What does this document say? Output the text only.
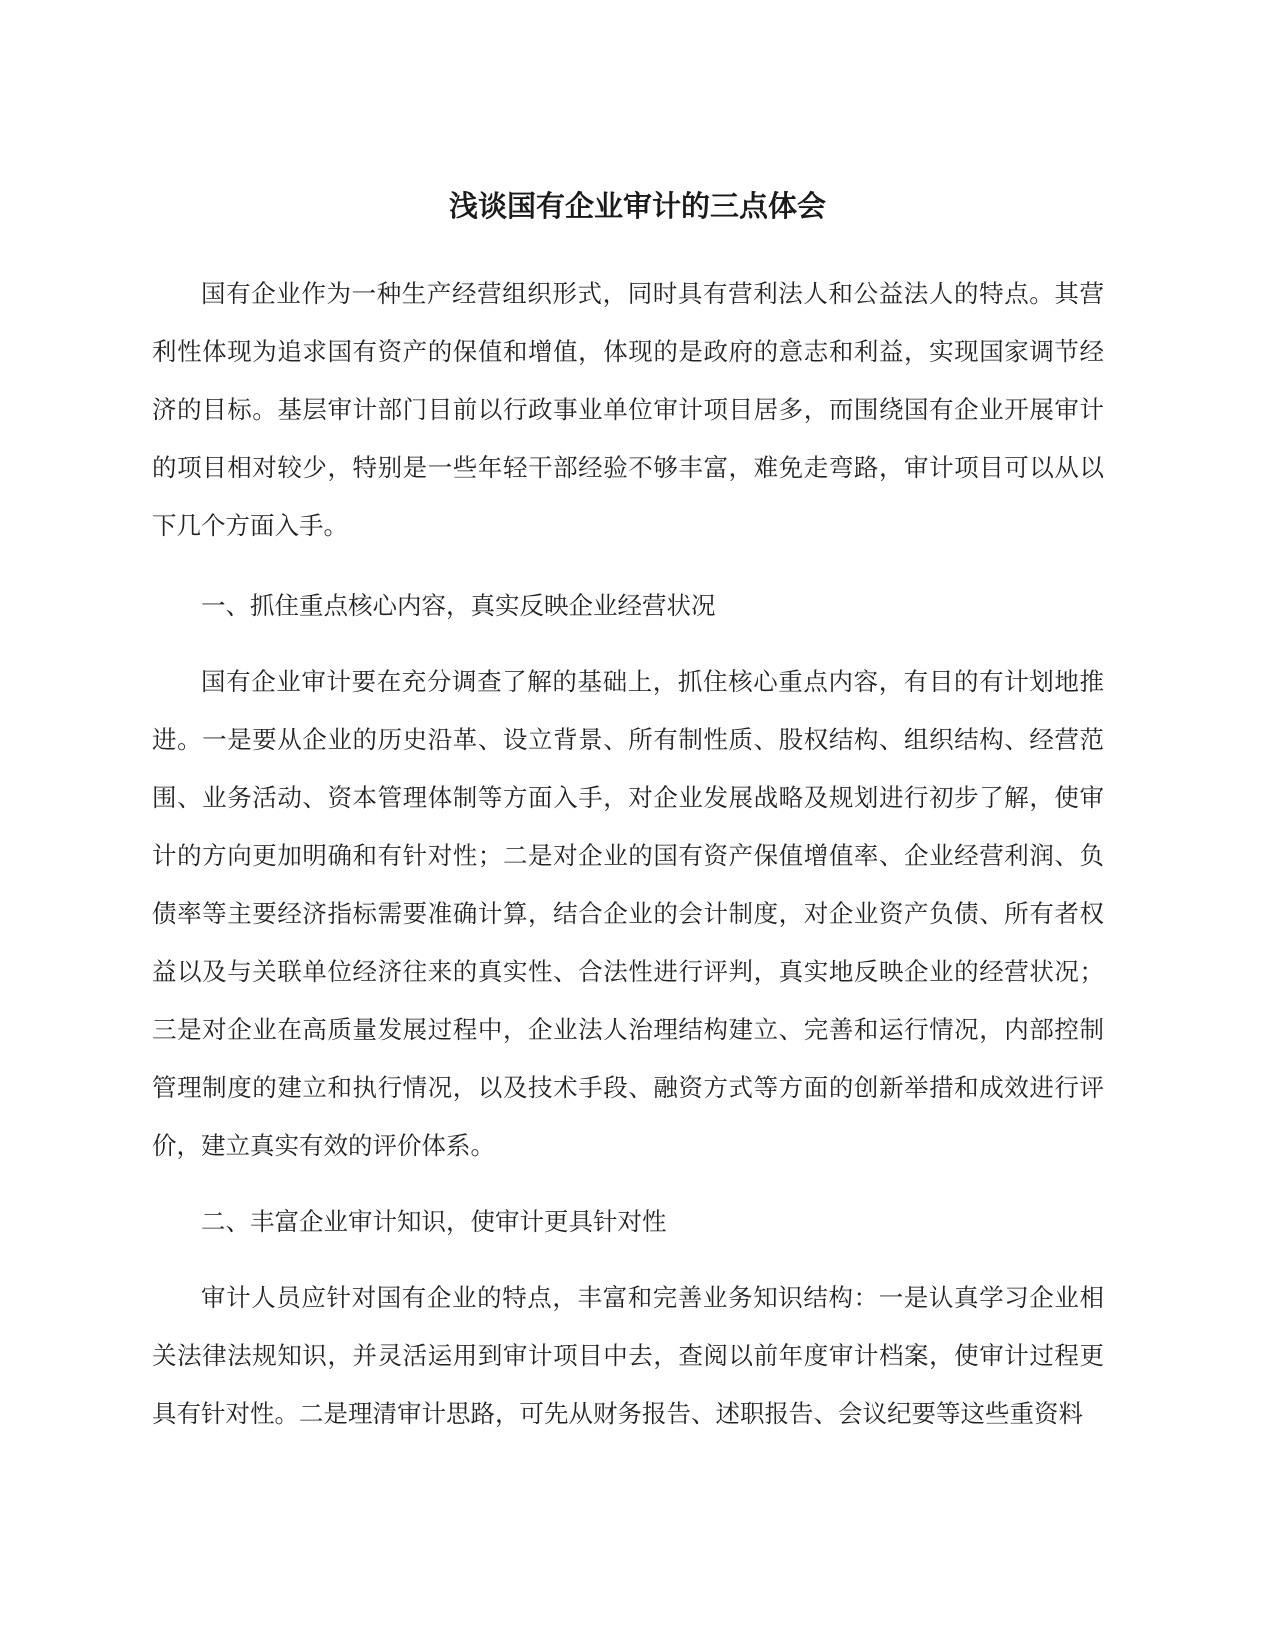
浅谈国有企业审计的三点体会

国有企业作为一种生产经营组织形式，同时具有营利法人和公益法人的特点。其营利性体现为追求国有资产的保值和增值，体现的是政府的意志和利益，实现国家调节经济的目标。基层审计部门目前以行政事业单位审计项目居多，而围绕国有企业开展审计的项目相对较少，特别是一些年轻干部经验不够丰富，难免走弯路，审计项目可以从以下几个方面入手。

一、抓住重点核心内容，真实反映企业经营状况

国有企业审计要在充分调查了解的基础上，抓住核心重点内容，有目的有计划地推进。一是要从企业的历史沿革、设立背景、所有制性质、股权结构、组织结构、经营范围、业务活动、资本管理体制等方面入手，对企业发展战略及规划进行初步了解，使审计的方向更加明确和有针对性；二是对企业的国有资产保值增值率、企业经营利润、负债率等主要经济指标需要准确计算，结合企业的会计制度，对企业资产负债、所有者权益以及与关联单位经济往来的真实性、合法性进行评判，真实地反映企业的经营状况；三是对企业在高质量发展过程中，企业法人治理结构建立、完善和运行情况，内部控制管理制度的建立和执行情况，以及技术手段、融资方式等方面的创新举措和成效进行评价，建立真实有效的评价体系。

二、丰富企业审计知识，使审计更具针对性

审计人员应针对国有企业的特点，丰富和完善业务知识结构：一是认真学习企业相关法律法规知识，并灵活运用到审计项目中去，查阅以前年度审计档案，使审计过程更具有针对性。二是理清审计思路，可先从财务报告、述职报告、会议纪要等这些重资料
